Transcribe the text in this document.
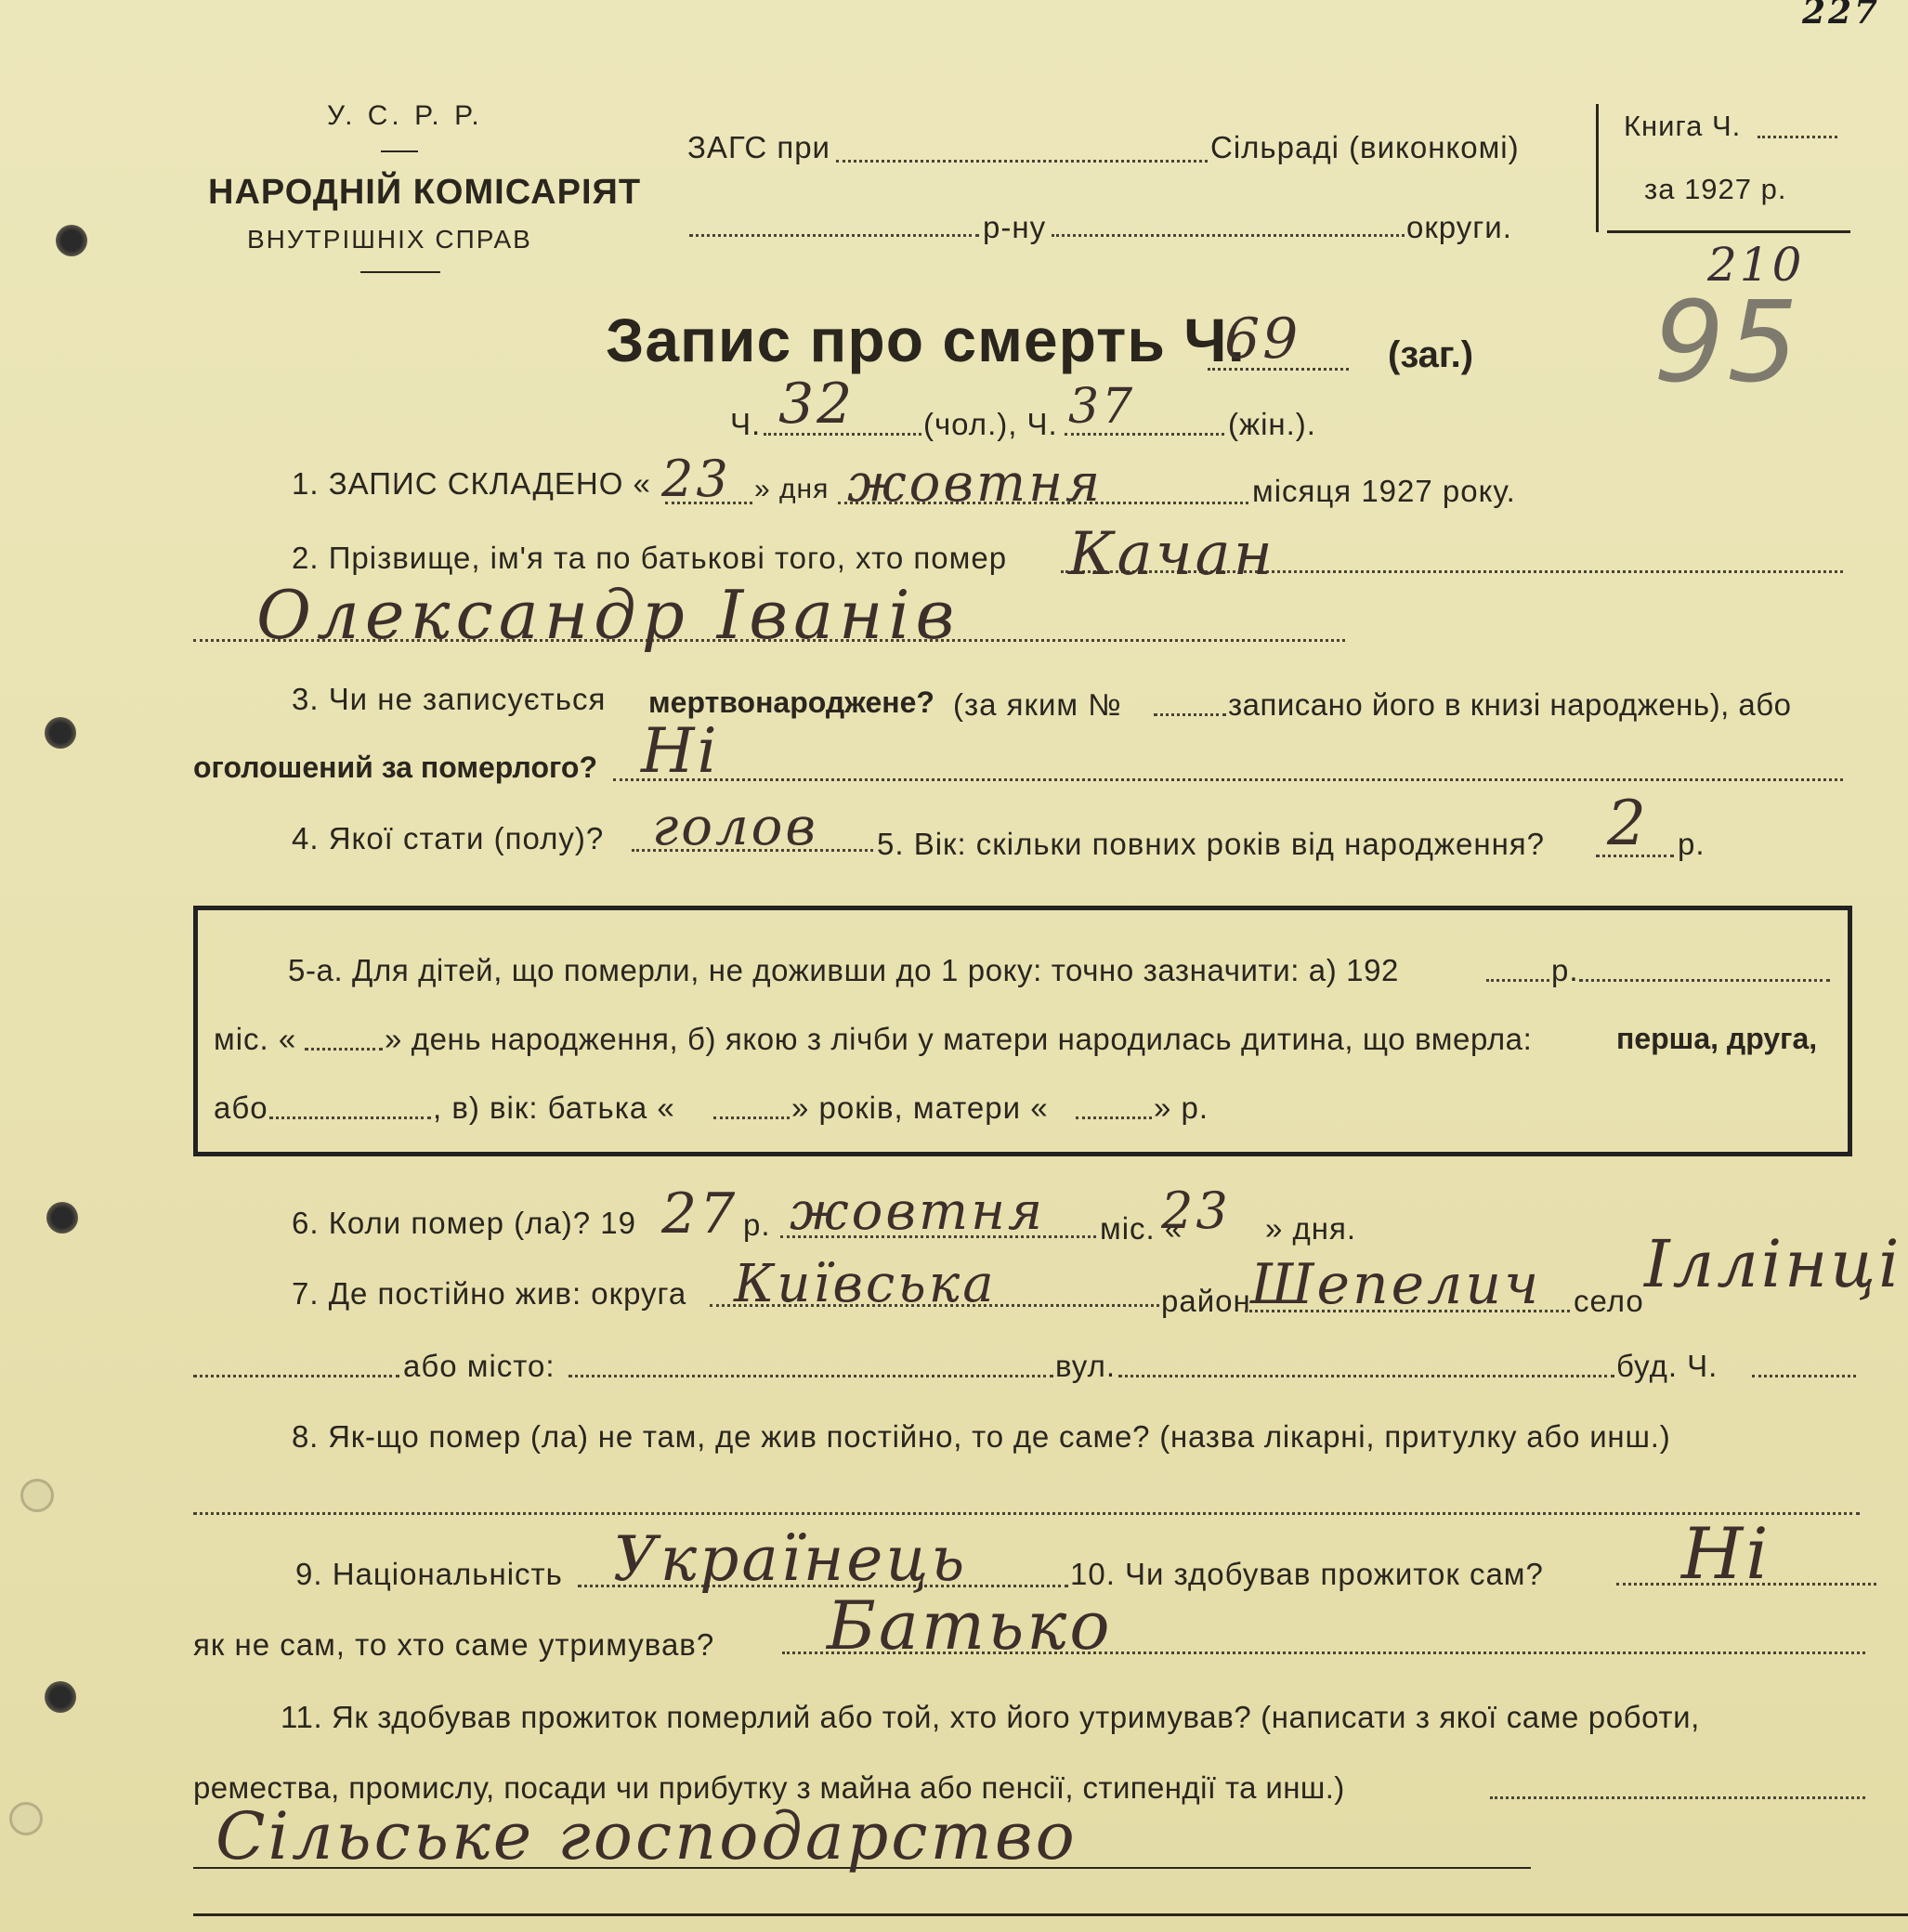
227
У. С. Р. Р.
НАРОДНІЙ КОМІСАРІЯТ
ВНУТРІШНІХ СПРАВ
ЗАГС при	Сільраді (виконкомі)
р-ну	округи.
Книга Ч.
за 1927 р.
210
95
Запис про смерть Ч.
69 (заг.)
Ч. 32 (чол.), Ч. 37	(жін.).
1. ЗАПИС СКЛАДЕНО « 23 » дня жовтня	місяця 1927 року.
2. Прізвище, ім'я та по батькові того, хто помер Качан
Олександр Іванів
3. Чи не записується мертвонароджене? (за яким №	записано його в книзі народжень), або
оголошений за померлого? Ні
4. Якої стати (полу)? голов 5. Вік: скільки повних років від народження? 2 р.
5-а. Для дітей, що померли, не доживши до 1 року: точно зазначити: а) 192	р.
міс. «	» день народження, б) якою з лічби у матери народилась дитина, що вмерла:	перша, друга,
або	, в) вік: батька «	» років, матери «	» р.
6. Коли помер (ла)? 19 27 р. жовтня міс. «
23 » дня.
7. Де постійно жив: округа Київська	район Шепелич село Іллінці
або місто:	вул.	буд. Ч.
8. Як-що помер (ла) не там, де жив постійно, то де саме? (назва лікарні, притулку або инш.)
9. Національність Українець	10. Чи здобував прожиток сам? Ні
як не сам, то хто саме утримував? Батько
11. Як здобував прожиток померлий або той, хто його утримував? (написати з якої саме роботи,
ремества, промислу, посади чи прибутку з майна або пенсії, стипендії та инш.)
Сільське господарство
